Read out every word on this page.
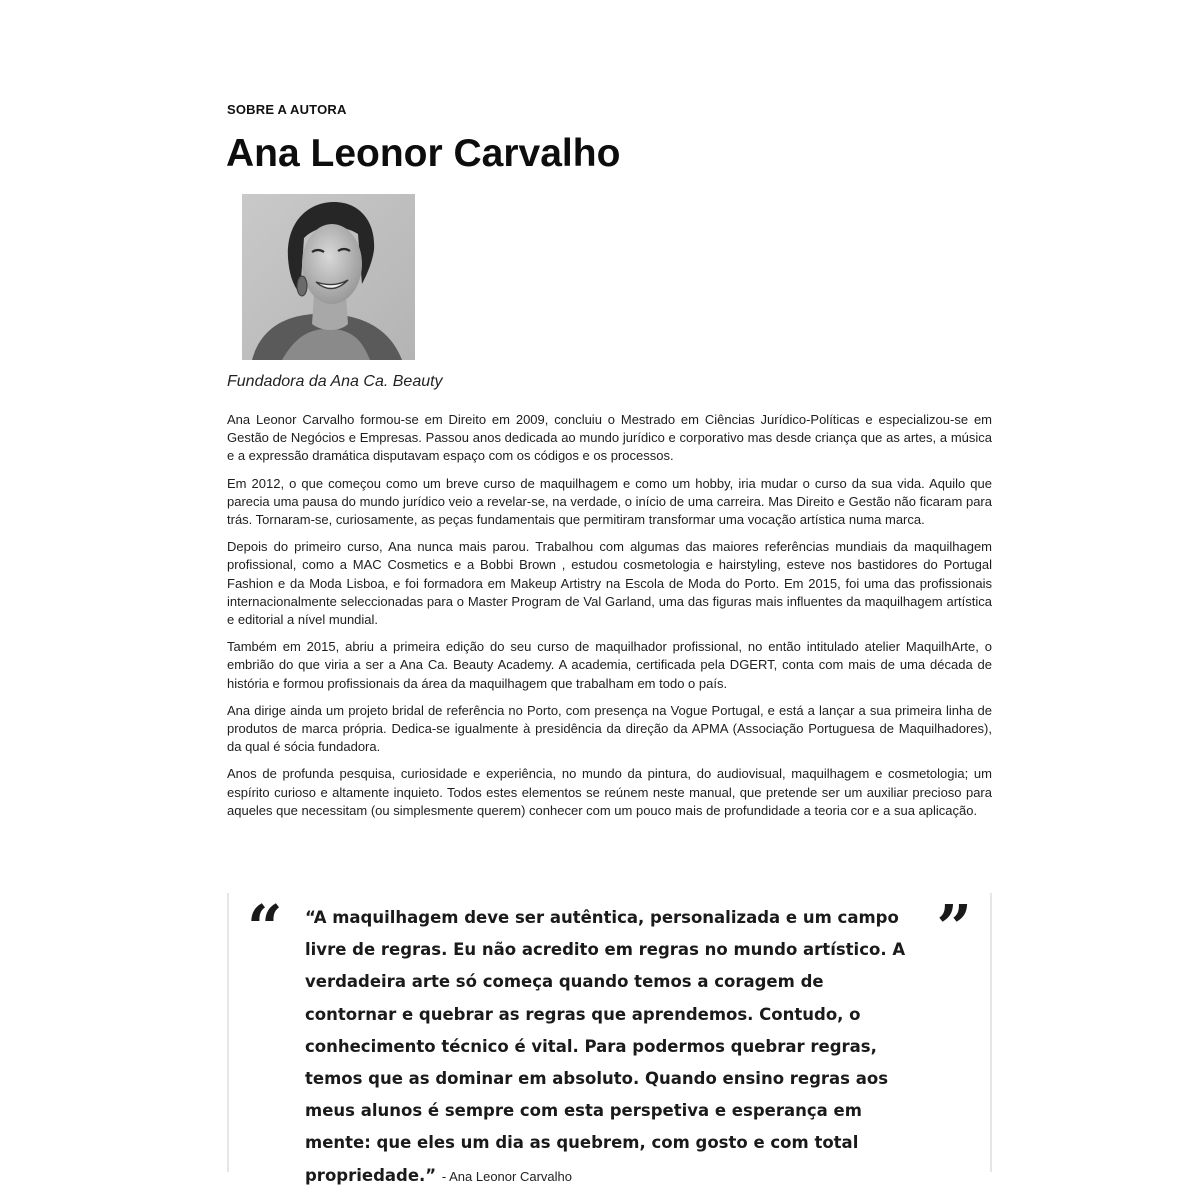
SOBRE A AUTORA

Ana Leonor Carvalho

Fundadora da Ana Ca. Beauty

Ana Leonor Carvalho formou-se em Direito em 2009, concluiu o Mestrado em Ciências Jurídico-Políticas e especializou-se em Gestão de Negócios e Empresas. Passou anos dedicada ao mundo jurídico e corporativo mas desde criança que as artes, a música e a expressão dramática disputavam espaço com os códigos e os processos.

Em 2012, o que começou como um breve curso de maquilhagem e como um hobby, iria mudar o curso da sua vida. Aquilo que parecia uma pausa do mundo jurídico veio a revelar-se, na verdade, o início de uma carreira. Mas Direito e Gestão não ficaram para trás. Tornaram-se, curiosamente, as peças fundamentais que permitiram transformar uma vocação artística numa marca.

Depois do primeiro curso, Ana nunca mais parou. Trabalhou com algumas das maiores referências mundiais da maquilhagem profissional, como a MAC Cosmetics e a Bobbi Brown , estudou cosmetologia e hairstyling, esteve nos bastidores do Portugal Fashion e da Moda Lisboa, e foi formadora em Makeup Artistry na Escola de Moda do Porto. Em 2015, foi uma das profissionais internacionalmente seleccionadas para o Master Program de Val Garland, uma das figuras mais influentes da maquilhagem artística e editorial a nível mundial.

Também em 2015, abriu a primeira edição do seu curso de maquilhador profissional, no então intitulado atelier MaquilhArte, o embrião do que viria a ser a Ana Ca. Beauty Academy. A academia, certificada pela DGERT, conta com mais de uma década de história e formou profissionais da área da maquilhagem que trabalham em todo o país.

Ana dirige ainda um projeto bridal de referência no Porto, com presença na Vogue Portugal, e está a lançar a sua primeira linha de produtos de marca própria. Dedica-se igualmente à presidência da direção da APMA (Associação Portuguesa de Maquilhadores), da qual é sócia fundadora.

Anos de profunda pesquisa, curiosidade e experiência, no mundo da pintura, do audiovisual, maquilhagem e cosmetologia; um espírito curioso e altamente inquieto. Todos estes elementos se reúnem neste manual, que pretende ser um auxiliar precioso para aqueles que necessitam (ou simplesmente querem) conhecer com um pouco mais de profundidade a teoria cor e a sua aplicação.

“	”

“A maquilhagem deve ser autêntica, personalizada e um campo livre de regras. Eu não acredito em regras no mundo artístico. A verdadeira arte só começa quando temos a coragem de contornar e quebrar as regras que aprendemos. Contudo, o conhecimento técnico é vital. Para podermos quebrar regras, temos que as dominar em absoluto. Quando ensino regras aos meus alunos é sempre com esta perspetiva e esperança em mente: que eles um dia as quebrem, com gosto e com total propriedade.” - Ana Leonor Carvalho
